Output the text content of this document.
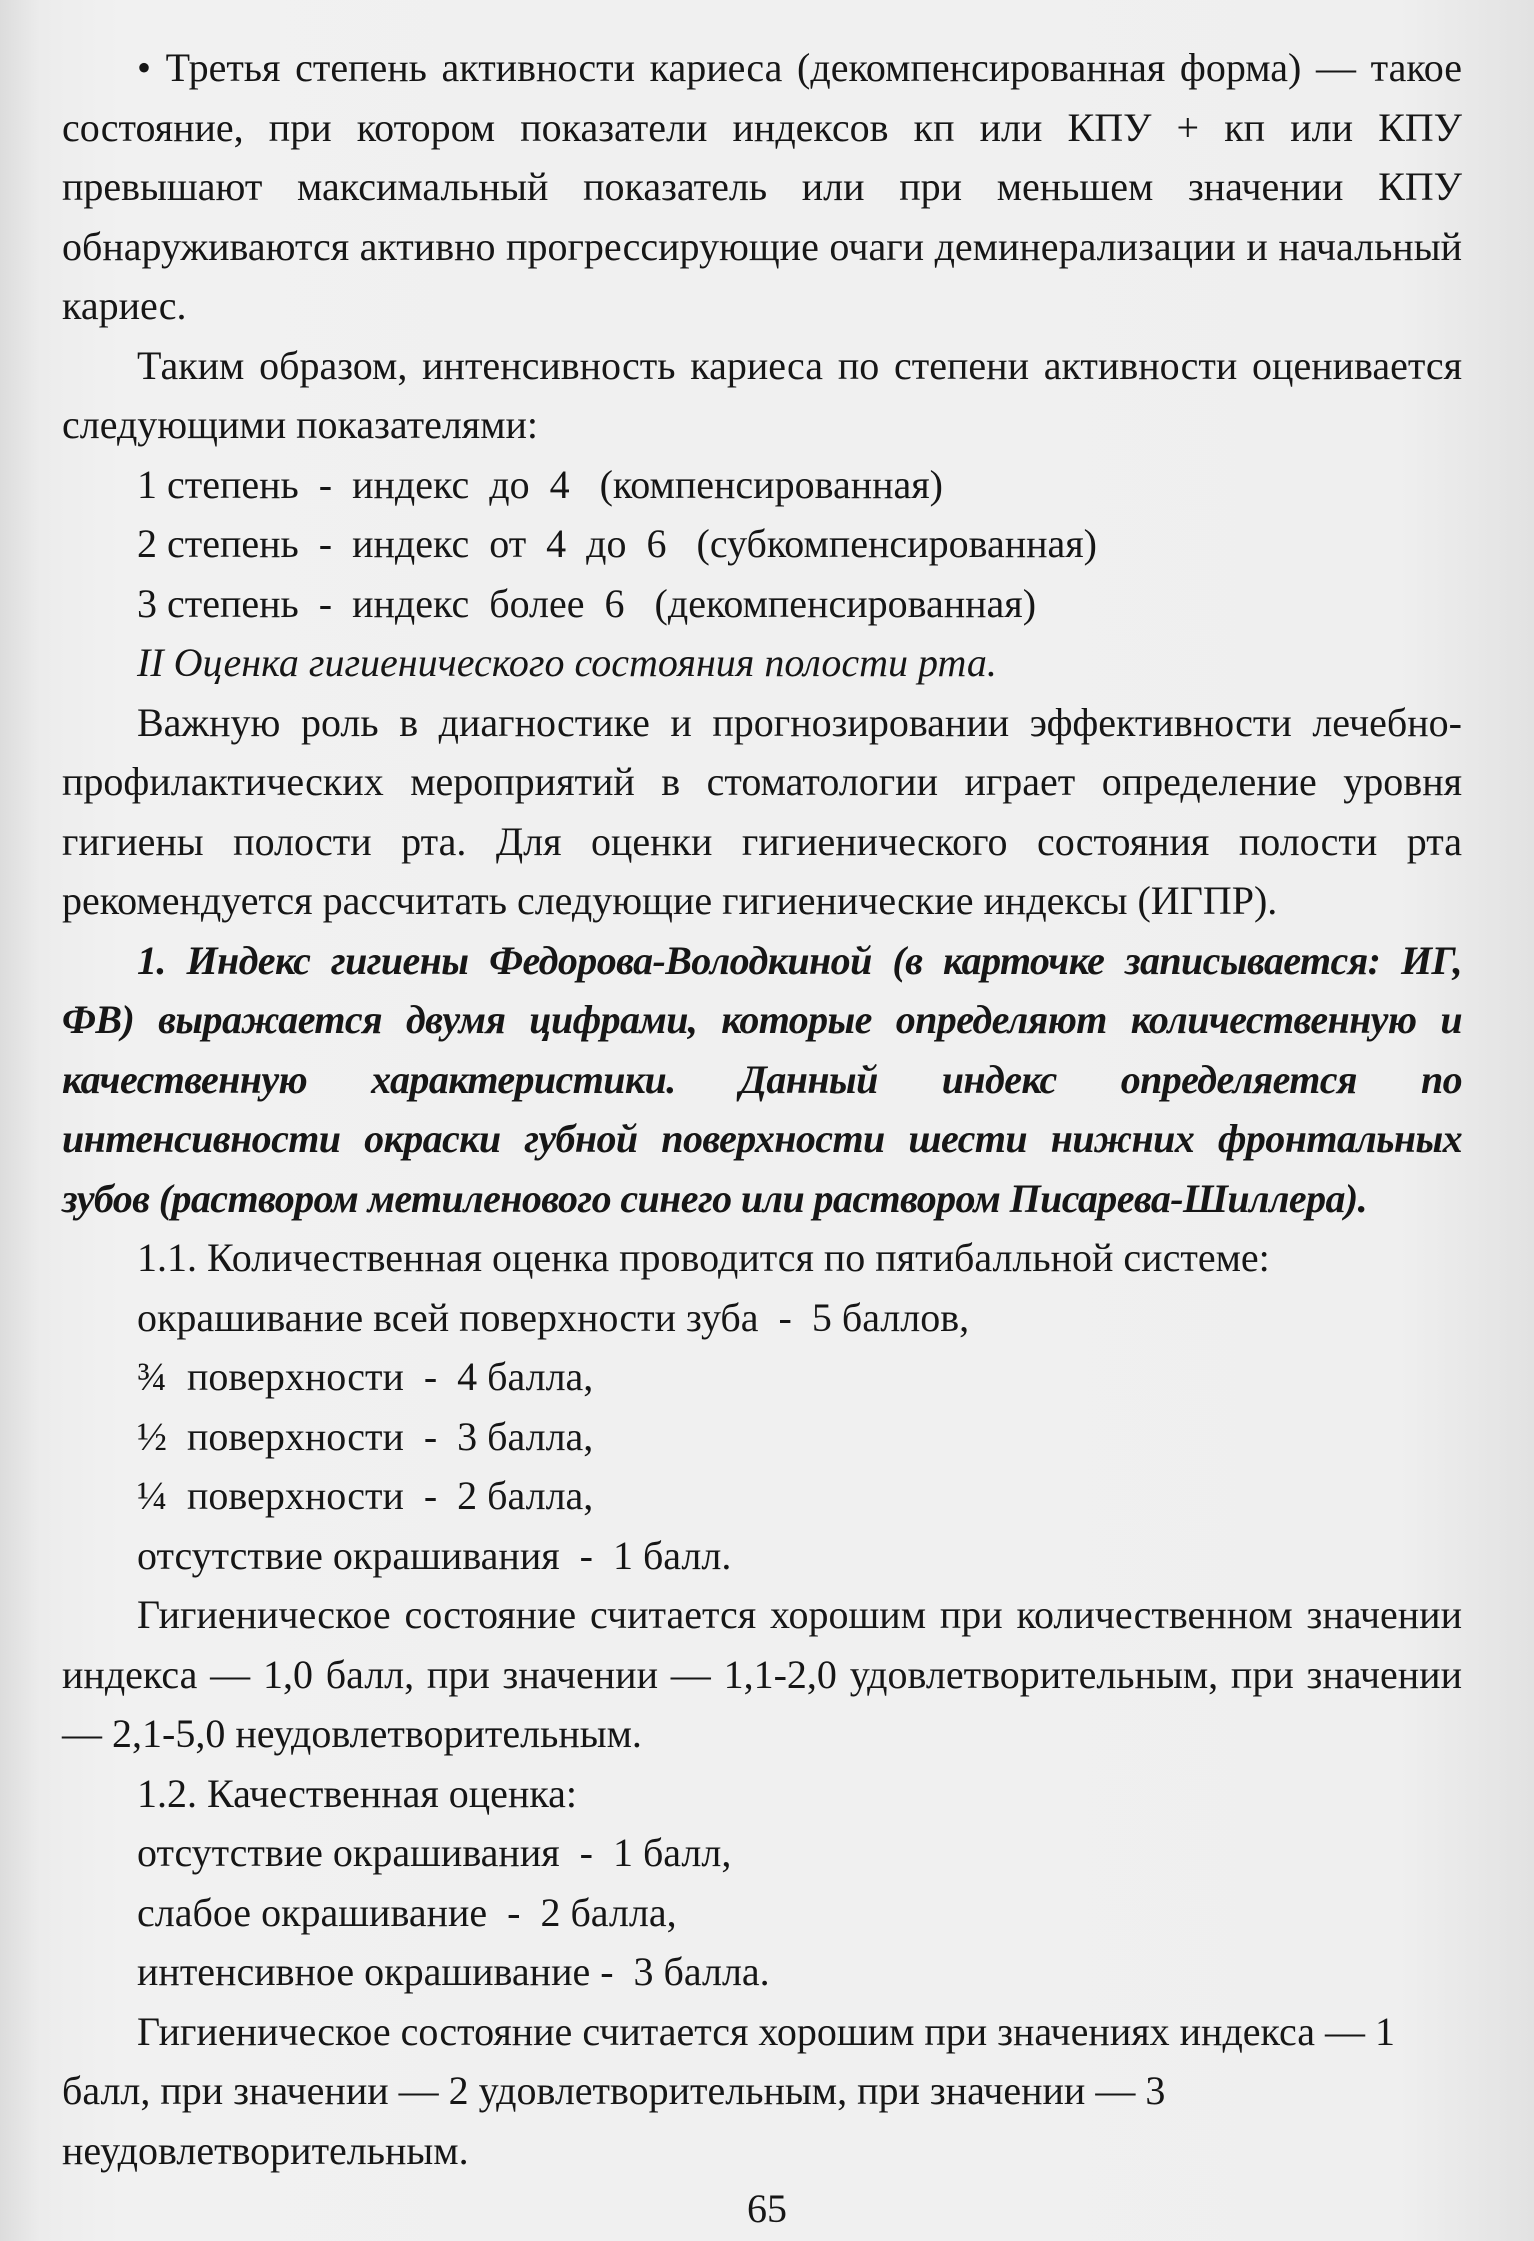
• Третья степень активности кариеса (декомпенсированная форма) — такое состояние, при котором показатели индексов кп или КПУ + кп или КПУ превышают максимальный показатель или при меньшем значении КПУ обнаруживаются активно прогрессирующие очаги деминерализации и начальный кариес.

Таким образом, интенсивность кариеса по степени активности оценивается следующими показателями:

1 степень  -  индекс  до  4   (компенсированная)
2 степень  -  индекс  от  4  до  6   (субкомпенсированная)
3 степень  -  индекс  более  6   (декомпенсированная)

II Оценка гигиенического состояния полости рта.

Важную роль в диагностике и прогнозировании эффективности лечебно-профилактических мероприятий в стоматологии играет определение уровня гигиены полости рта. Для оценки гигиенического состояния полости рта рекомендуется рассчитать следующие гигиенические индексы (ИГПР).

1. Индекс гигиены Федорова-Володкиной (в карточке записывается: ИГ, ФВ) выражается двумя цифрами, которые определяют количественную и качественную характеристики. Данный индекс определяется по интенсивности окраски губной поверхности шести нижних фронтальных зубов (раствором метиленового синего или раствором Писарева-Шиллера).

1.1. Количественная оценка проводится по пятибалльной системе:
окрашивание всей поверхности зуба  -  5 баллов,
¾  поверхности  -  4 балла,
½  поверхности  -  3 балла,
¼  поверхности  -  2 балла,
отсутствие окрашивания  -  1 балл.

Гигиеническое состояние считается хорошим при количественном значении индекса — 1,0 балл, при значении — 1,1-2,0 удовлетворительным, при значении — 2,1-5,0 неудовлетворительным.

1.2. Качественная оценка:
отсутствие окрашивания  -  1 балл,
слабое окрашивание  -  2 балла,
интенсивное окрашивание -  3 балла.

Гигиеническое состояние считается хорошим при значениях индекса — 1 балл, при значении — 2 удовлетворительным, при значении — 3 неудовлетворительным.

65
